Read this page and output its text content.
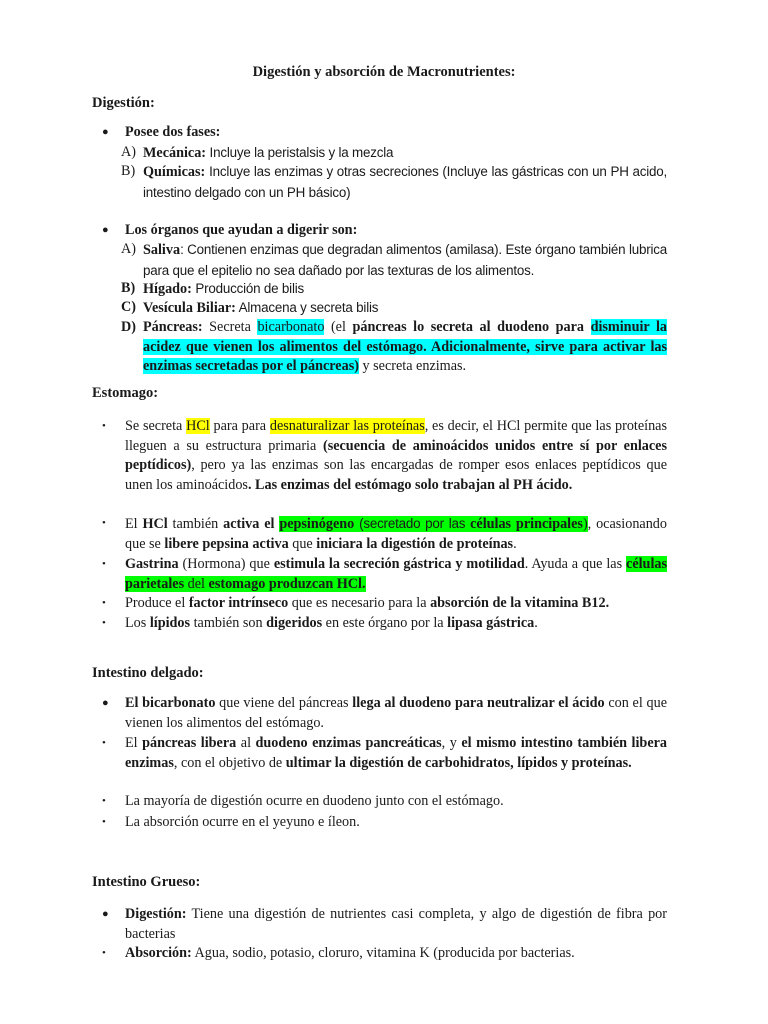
Digestión y absorción de Macronutrientes:
Digestión:
● Posee dos fases:
A) Mecánica: Incluye la peristalsis y la mezcla
B) Químicas: Incluye las enzimas y otras secreciones (Incluye las gástricas con un PH acido, intestino delgado con un PH básico)
● Los órganos que ayudan a digerir son:
A) Saliva: Contienen enzimas que degradan alimentos (amilasa). Este órgano también lubrica para que el epitelio no sea dañado por las texturas de los alimentos.
B) Hígado: Producción de bilis
C) Vesícula Biliar: Almacena y secreta bilis
D) Páncreas: Secreta bicarbonato (el páncreas lo secreta al duodeno para disminuir la acidez que vienen los alimentos del estómago. Adicionalmente, sirve para activar las enzimas secretadas por el páncreas) y secreta enzimas.
Estomago:
• Se secreta HCl para para desnaturalizar las proteínas, es decir, el HCl permite que las proteínas lleguen a su estructura primaria (secuencia de aminoácidos unidos entre sí por enlaces peptídicos), pero ya las enzimas son las encargadas de romper esos enlaces peptídicos que unen los aminoácidos. Las enzimas del estómago solo trabajan al PH ácido.
• El HCl también activa el pepsinógeno (secretado por las células principales), ocasionando que se libere pepsina activa que iniciara la digestión de proteínas.
• Gastrina (Hormona) que estimula la secreción gástrica y motilidad. Ayuda a que las células parietales del estomago produzcan HCl.
• Produce el factor intrínseco que es necesario para la absorción de la vitamina B12.
• Los lípidos también son digeridos en este órgano por la lipasa gástrica.
Intestino delgado:
● El bicarbonato que viene del páncreas llega al duodeno para neutralizar el ácido con el que vienen los alimentos del estómago.
• El páncreas libera al duodeno enzimas pancreáticas, y el mismo intestino también libera enzimas, con el objetivo de ultimar la digestión de carbohidratos, lípidos y proteínas.
• La mayoría de digestión ocurre en duodeno junto con el estómago.
• La absorción ocurre en el yeyuno e íleon.
Intestino Grueso:
● Digestión: Tiene una digestión de nutrientes casi completa, y algo de digestión de fibra por bacterias
• Absorción: Agua, sodio, potasio, cloruro, vitamina K (producida por bacterias.
